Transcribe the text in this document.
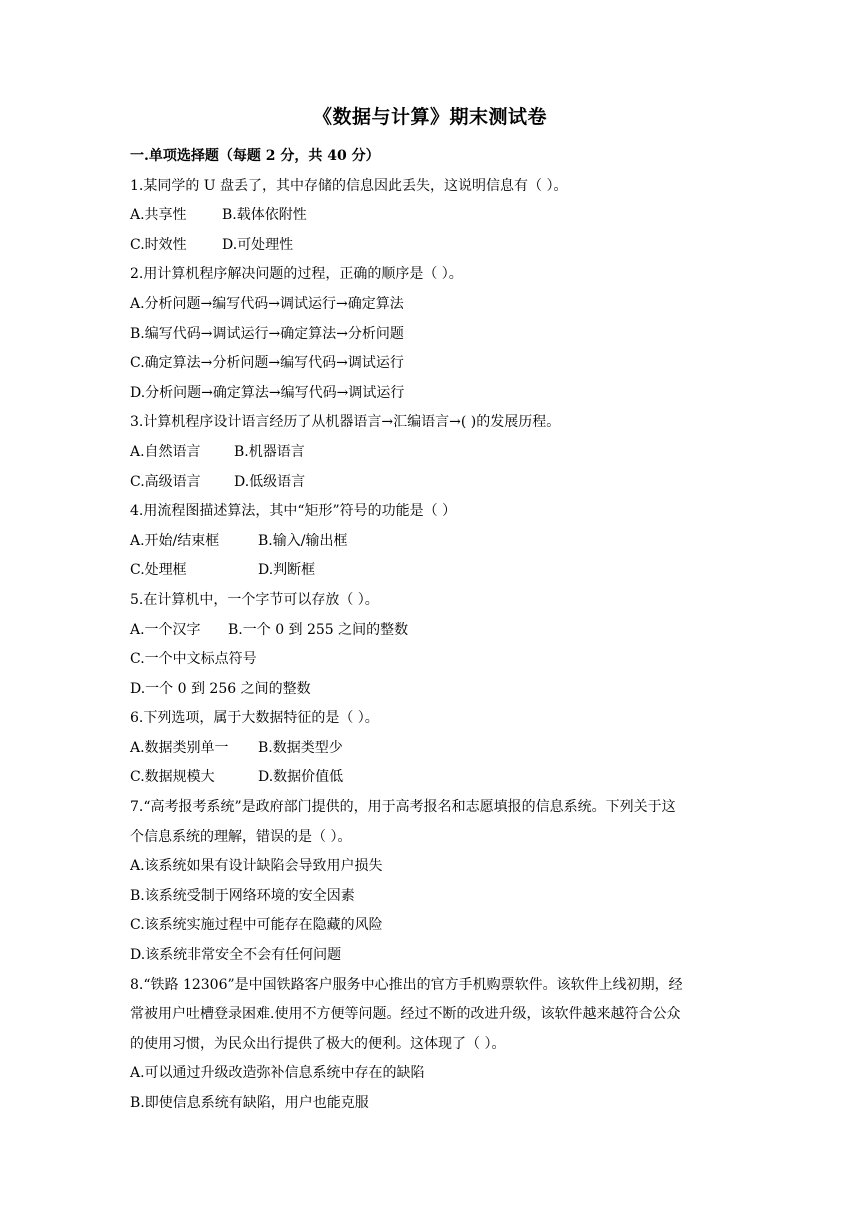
《数据与计算》期末测试卷
一.单项选择题（每题 2 分，共 40 分）
1.某同学的 U 盘丢了，其中存储的信息因此丢失，这说明信息有（ ）。
A.共享性	B.载体依附性
C.时效性	D.可处理性
2.用计算机程序解决问题的过程，正确的顺序是（ ）。
A.分析问题→编写代码→调试运行→确定算法
B.编写代码→调试运行→确定算法→分析问题
C.确定算法→分析问题→编写代码→调试运行
D.分析问题→确定算法→编写代码→调试运行
3.计算机程序设计语言经历了从机器语言→汇编语言→( )的发展历程。
A.自然语言 B.机器语言
C.高级语言 D.低级语言
4.用流程图描述算法，其中“矩形”符号的功能是（ ）
A.开始/结束框	B.输入/输出框
C.处理框	D.判断框
5.在计算机中，一个字节可以存放（ ）。
A.一个汉字 B.一个 0 到 255 之间的整数
C.一个中文标点符号
D.一个 0 到 256 之间的整数
6.下列选项，属于大数据特征的是（ ）。
A.数据类别单一 B.数据类型少
C.数据规模大	D.数据价值低
7.“高考报考系统”是政府部门提供的，用于高考报名和志愿填报的信息系统。下列关于这
个信息系统的理解，错误的是（ ）。
A.该系统如果有设计缺陷会导致用户损失
B.该系统受制于网络环境的安全因素
C.该系统实施过程中可能存在隐藏的风险
D.该系统非常安全不会有任何问题
8.“铁路 12306”是中国铁路客户服务中心推出的官方手机购票软件。该软件上线初期，经
常被用户吐槽登录困难.使用不方便等问题。经过不断的改进升级，该软件越来越符合公众
的使用习惯，为民众出行提供了极大的便利。这体现了（ ）。
A.可以通过升级改造弥补信息系统中存在的缺陷
B.即使信息系统有缺陷，用户也能克服
